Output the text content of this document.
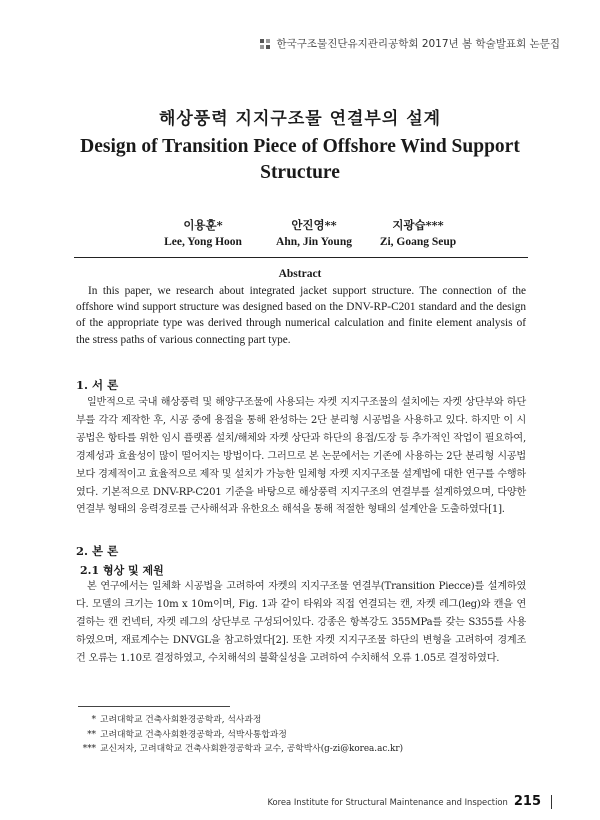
한국구조물진단유지관리공학회 2017년 봄 학술발표회 논문집
해상풍력 지지구조물 연결부의 설계
Design of Transition Piece of Offshore Wind Support Structure
이용훈*
Lee, Yong Hoon
안진영**
Ahn, Jin Young
지광습***
Zi, Goang Seup
Abstract
In this paper, we research about integrated jacket support structure. The connection of the offshore wind support structure was designed based on the DNV-RP-C201 standard and the design of the appropriate type was derived through numerical calculation and finite element analysis of the stress paths of various connecting part type.
1. 서 론
일반적으로 국내 해상풍력 및 해양구조물에 사용되는 자켓 지지구조물의 설치에는 자켓 상단부와 하단부를 각각 제작한 후, 시공 중에 용접을 통해 완성하는 2단 분리형 시공법을 사용하고 있다. 하지만 이 시공법은 항타를 위한 임시 플랫폼 설치/해체와 자켓 상단과 하단의 용접/도장 등 추가적인 작업이 필요하여, 경제성과 효율성이 많이 떨어지는 방법이다. 그러므로 본 논문에서는 기존에 사용하는 2단 분리형 시공법보다 경제적이고 효율적으로 제작 및 설치가 가능한 일체형 자켓 지지구조물 설계법에 대한 연구를 수행하였다. 기본적으로 DNV-RP-C201 기준을 바탕으로 해상풍력 지지구조의 연결부를 설계하였으며, 다양한 연결부 형태의 응력경로를 근사해석과 유한요소 해석을 통해 적절한 형태의 설계안을 도출하였다[1].
2. 본 론
2.1 형상 및 제원
본 연구에서는 일체화 시공법을 고려하여 자켓의 지지구조물 연결부(Transition Piecce)를 설계하였다. 모델의 크기는 10m x 10m이며, Fig. 1과 같이 타워와 직접 연결되는 캔, 자켓 레그(leg)와 캔을 연결하는 캔 컨넥터, 자켓 레그의 상단부로 구성되어있다. 강종은 항복강도 355MPa를 갖는 S355를 사용하였으며, 재료계수는 DNVGL을 참고하였다[2]. 또한 자켓 지지구조물 하단의 변형을 고려하여 경계조건 오류는 1.10로 결정하였고, 수치해석의 불확실성을 고려하여 수치해석 오류 1.05로 결정하였다.
* 고려대학교 건축사회환경공학과, 석사과정
** 고려대학교 건축사회환경공학과, 석박사통합과정
*** 교신저자, 고려대학교 건축사회환경공학과 교수, 공학박사(g-zi@korea.ac.kr)
Korea Institute for Structural Maintenance and Inspection 215
